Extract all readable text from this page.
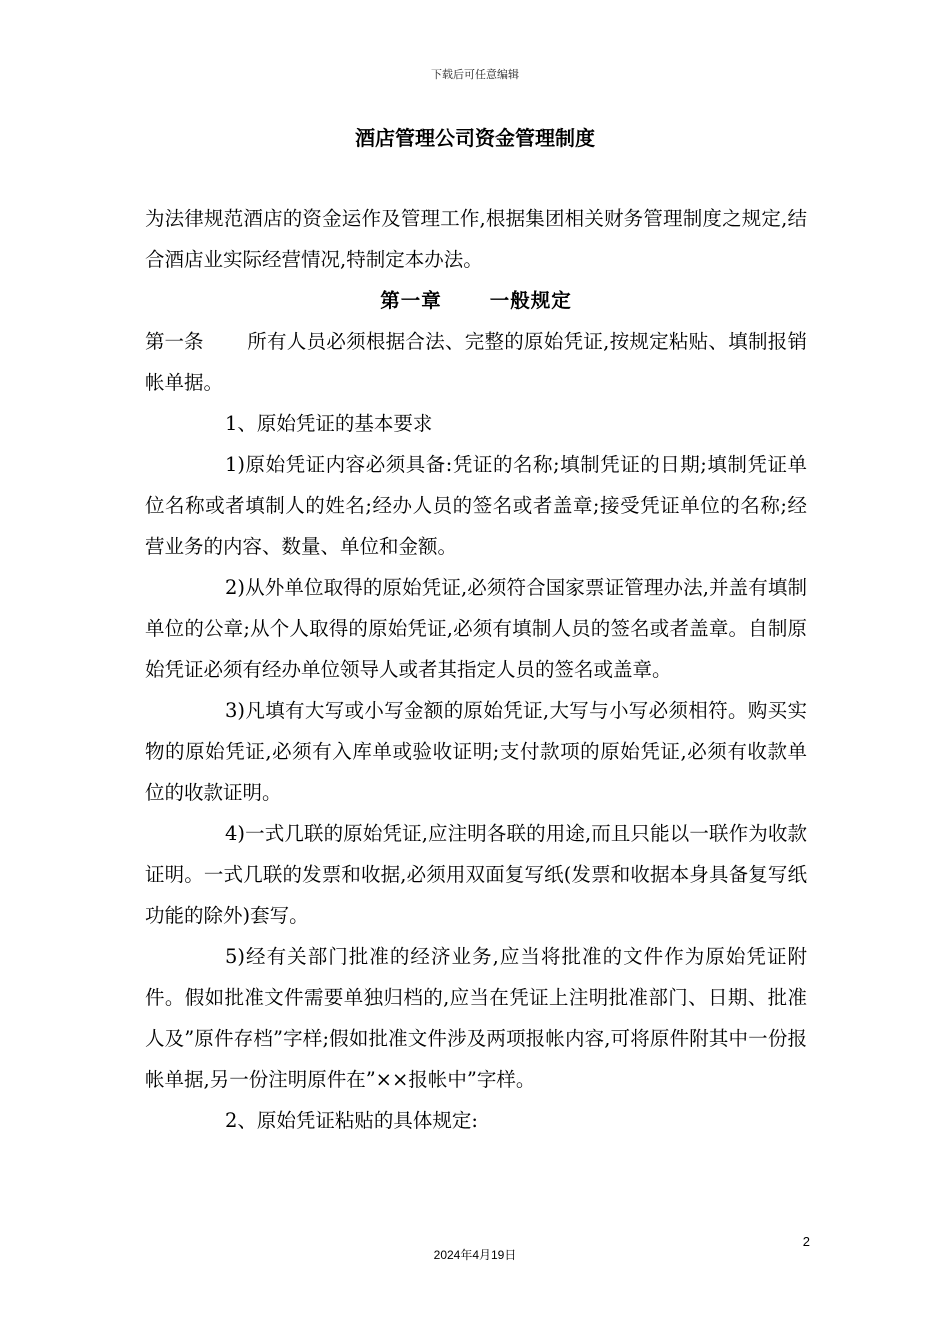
下载后可任意编辑
酒店管理公司资金管理制度

为法律规范酒店的资金运作及管理工作,根据集团相关财务管理制度之规定,结合酒店业实际经营情况,特制定本办法。

第一章 一般规定

第一条 所有人员必须根据合法、完整的原始凭证,按规定粘贴、填制报销帐单据。

1、原始凭证的基本要求

1)原始凭证内容必须具备:凭证的名称;填制凭证的日期;填制凭证单位名称或者填制人的姓名;经办人员的签名或者盖章;接受凭证单位的名称;经营业务的内容、数量、单位和金额。

2)从外单位取得的原始凭证,必须符合国家票证管理办法,并盖有填制单位的公章;从个人取得的原始凭证,必须有填制人员的签名或者盖章。自制原始凭证必须有经办单位领导人或者其指定人员的签名或盖章。

3)凡填有大写或小写金额的原始凭证,大写与小写必须相符。购买实物的原始凭证,必须有入库单或验收证明;支付款项的原始凭证,必须有收款单位的收款证明。

4)一式几联的原始凭证,应注明各联的用途,而且只能以一联作为收款证明。一式几联的发票和收据,必须用双面复写纸(发票和收据本身具备复写纸功能的除外)套写。

5)经有关部门批准的经济业务,应当将批准的文件作为原始凭证附件。假如批准文件需要单独归档的,应当在凭证上注明批准部门、日期、批准人及”原件存档”字样;假如批准文件涉及两项报帐内容,可将原件附其中一份报帐单据,另一份注明原件在”××报帐中”字样。

2、原始凭证粘贴的具体规定:

2
2024年4月19日
